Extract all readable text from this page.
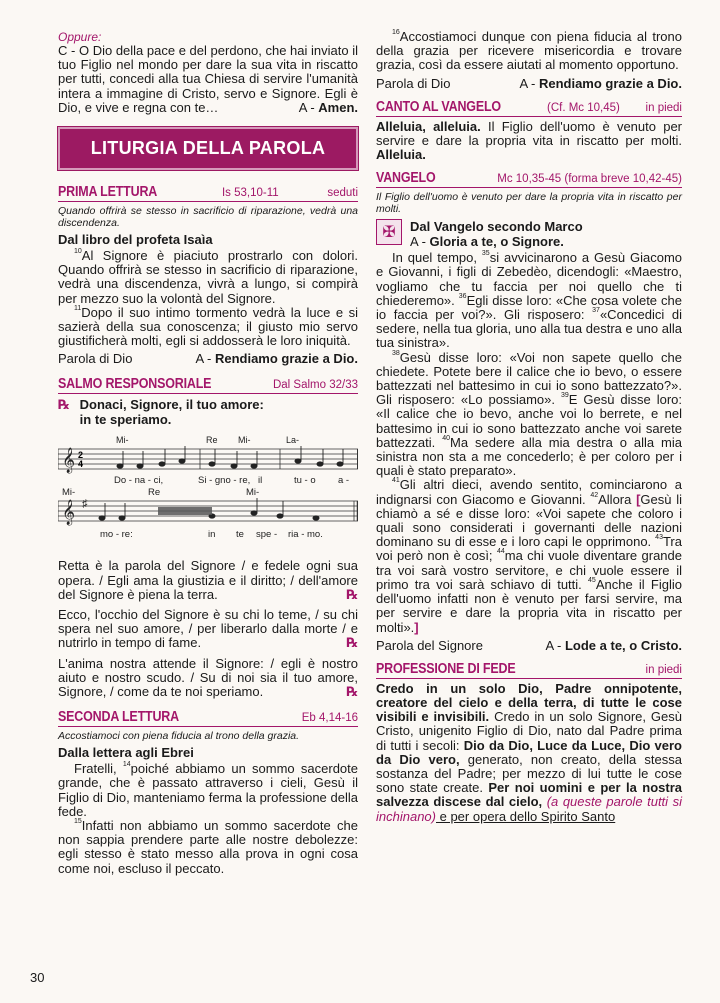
Oppure:

C - O Dio della pace e del perdono, che hai inviato il tuo Figlio nel mondo per dare la sua vita in riscatto per tutti, concedi alla tua Chiesa di servire l'umanità intera a immagine di Cristo, servo e Signore. Egli è Dio, e vive e regna con te…	A - Amen.

LITURGIA DELLA PAROLA
PRIMA LETTURA	Is 53,10-11	seduti

Quando offrirà se stesso in sacrificio di riparazione, vedrà una discendenza.

Dal libro del profeta Isaìa

$^{10}$Al Signore è piaciuto prostrarlo con dolori. Quando offrirà se stesso in sacrificio di riparazione, vedrà una discendenza, vivrà a lungo, si compirà per mezzo suo la volontà del Signore.

$^{11}$Dopo il suo intimo tormento vedrà la luce e si sazierà della sua conoscenza; il giusto mio servo giustificherà molti, egli si addosserà le loro iniquità.

Parola di Dio	A - Rendiamo grazie a Dio.
SALMO RESPONSORIALE	Dal Salmo 32/33
℞ Donaci, Signore, il tuo amore:
in te speriamo.
Mi-	Re Mi-	La-
𝄞 2
4
Do - na - ci,	Si - gno - re, il	tu - o a -
Mi-	Re	Mi-
𝄞 ♯
mo - re:	in te spe - ria - mo.

Retta è la parola del Signore / e fedele ogni sua opera. / Egli ama la giustizia e il diritto; / dell'amore del Signore è piena la terra.	℞

Ecco, l'occhio del Signore è su chi lo teme, / su chi spera nel suo amore, / per liberarlo dalla morte / e nutrirlo in tempo di fame.	℞

L'anima nostra attende il Signore: / egli è nostro aiuto e nostro scudo. / Su di noi sia il tuo amore, Signore, / come da te noi speriamo.	℞

SECONDA LETTURA	Eb 4,14-16

Accostiamoci con piena fiducia al trono della grazia.

Dalla lettera agli Ebrei

Fratelli, $^{14}$poiché abbiamo un sommo sacerdote grande, che è passato attraverso i cieli, Gesù il Figlio di Dio, manteniamo ferma la professione della fede.

$^{15}$Infatti non abbiamo un sommo sacerdote che non sappia prendere parte alle nostre debolezze: egli stesso è stato messo alla prova in ogni cosa come noi, escluso il peccato.

30

$^{16}$Accostiamoci dunque con piena fiducia al trono della grazia per ricevere misericordia e trovare grazia, così da essere aiutati al momento opportuno.

Parola di Dio	A - Rendiamo grazie a Dio.
CANTO AL VANGELO	(Cf. Mc 10,45) in piedi

Alleluia, alleluia. Il Figlio dell'uomo è venuto per servire e dare la propria vita in riscatto per molti. Alleluia.

VANGELO	Mc 10,35-45 (forma breve 10,42-45)

Il Figlio dell'uomo è venuto per dare la propria vita in riscatto per molti.

✠	Dal Vangelo secondo Marco

A - Gloria a te, o Signore.

In quel tempo, $^{35}$si avvicinarono a Gesù Giacomo e Giovanni, i figli di Zebedèo, dicendogli: «Maestro, vogliamo che tu faccia per noi quello che ti chiederemo». $^{36}$Egli disse loro: «Che cosa volete che io faccia per voi?». Gli risposero: $^{37}$«Concedici di sedere, nella tua gloria, uno alla tua destra e uno alla tua sinistra».

$^{38}$Gesù disse loro: «Voi non sapete quello che chiedete. Potete bere il calice che io bevo, o essere battezzati nel battesimo in cui io sono battezzato?». Gli risposero: «Lo possiamo». $^{39}$E Gesù disse loro: «Il calice che io bevo, anche voi lo berrete, e nel battesimo in cui io sono battezzato anche voi sarete battezzati. $^{40}$Ma sedere alla mia destra o alla mia sinistra non sta a me concederlo; è per coloro per i quali è stato preparato».

$^{41}$Gli altri dieci, avendo sentito, cominciarono a indignarsi con Giacomo e Giovanni. $^{42}$Allora [Gesù li chiamò a sé e disse loro: «Voi sapete che coloro i quali sono considerati i governanti delle nazioni dominano su di esse e i loro capi le opprimono. $^{43}$Tra voi però non è così; $^{44}$ma chi vuole diventare grande tra voi sarà vostro servitore, e chi vuole essere il primo tra voi sarà schiavo di tutti. $^{45}$Anche il Figlio dell'uomo infatti non è venuto per farsi servire, ma per servire e dare la propria vita in riscatto per molti».]

Parola del Signore	A - Lode a te, o Cristo.
PROFESSIONE DI FEDE	in piedi

Credo in un solo Dio, Padre onnipotente, creatore del cielo e della terra, di tutte le cose visibili e invisibili. Credo in un solo Signore, Gesù Cristo, unigenito Figlio di Dio, nato dal Padre prima di tutti i secoli: Dio da Dio, Luce da Luce, Dio vero da Dio vero, generato, non creato, della stessa sostanza del Padre; per mezzo di lui tutte le cose sono state create. Per noi uomini e per la nostra salvezza discese dal cielo, (a queste parole tutti si inchinano) e per opera dello Spirito Santo
